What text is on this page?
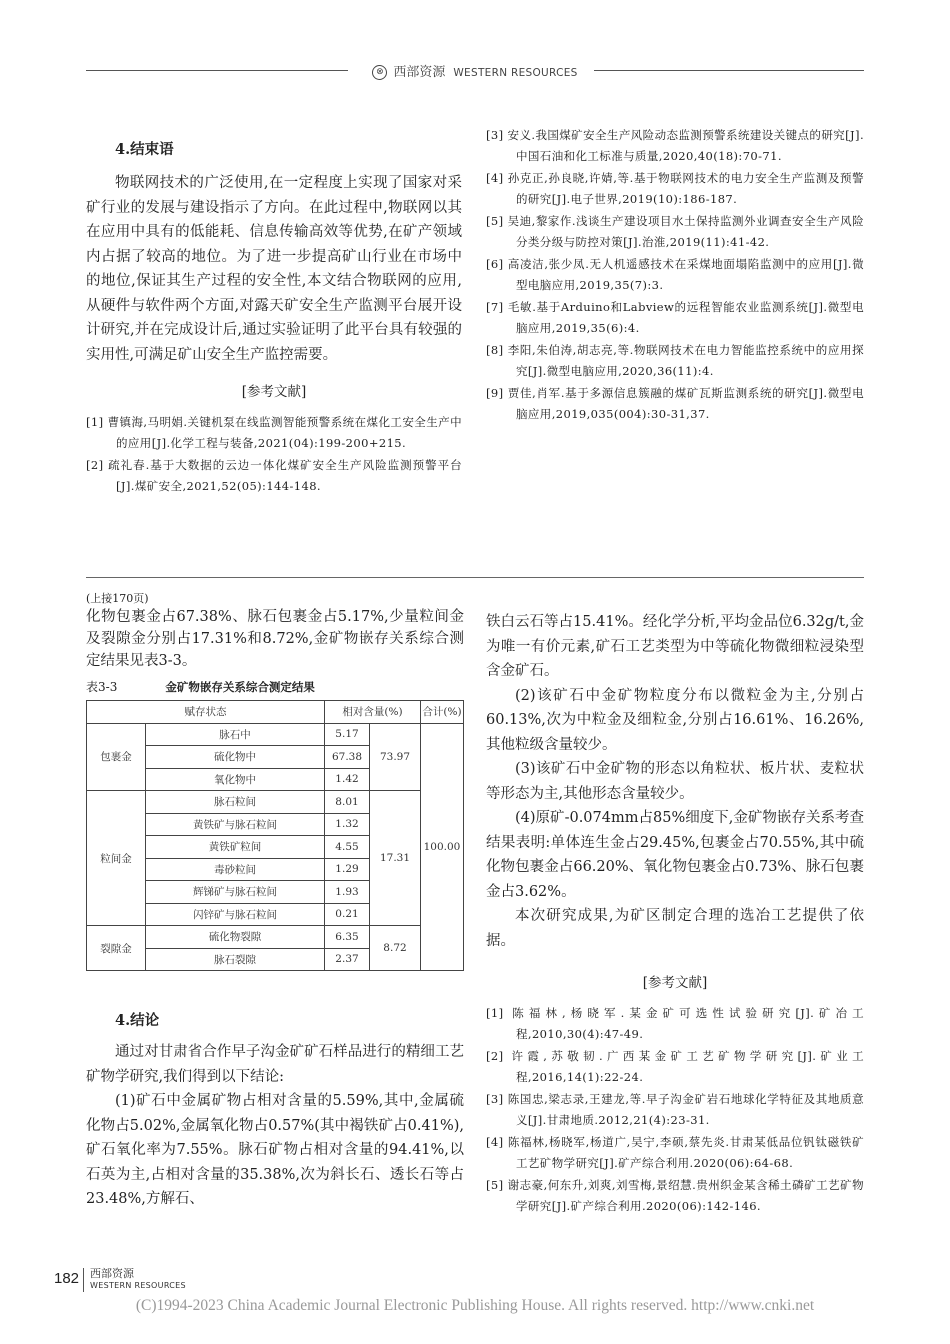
⊗ 西部资源 WESTERN RESOURCES

4.结束语

物联网技术的广泛使用,在一定程度上实现了国家对采矿行业的发展与建设指示了方向。在此过程中,物联网以其在应用中具有的低能耗、信息传输高效等优势,在矿产领域内占据了较高的地位。为了进一步提高矿山行业在市场中的地位,保证其生产过程的安全性,本文结合物联网的应用,从硬件与软件两个方面,对露天矿安全生产监测平台展开设计研究,并在完成设计后,通过实验证明了此平台具有较强的实用性,可满足矿山安全生产监控需要。

[参考文献]

[1] 曹镇海,马明娟.关键机泵在线监测智能预警系统在煤化工安全生产中的应用[J].化学工程与装备,2021(04):199-200+215.

[2] 疏礼春.基于大数据的云边一体化煤矿安全生产风险监测预警平台[J].煤矿安全,2021,52(05):144-148.

[3] 安义.我国煤矿安全生产风险动态监测预警系统建设关键点的研究[J].中国石油和化工标准与质量,2020,40(18):70-71.

[4] 孙克正,孙良晓,许婧,等.基于物联网技术的电力安全生产监测及预警的研究[J].电子世界,2019(10):186-187.

[5] 吴迪,黎家作.浅谈生产建设项目水土保持监测外业调查安全生产风险分类分级与防控对策[J].治淮,2019(11):41-42.

[6] 高凌洁,张少凤.无人机遥感技术在采煤地面塌陷监测中的应用[J].微型电脑应用,2019,35(7):3.

[7] 毛敏.基于Arduino和Labview的远程智能农业监测系统[J].微型电脑应用,2019,35(6):4.

[8] 李阳,朱伯涛,胡志亮,等.物联网技术在电力智能监控系统中的应用探究[J].微型电脑应用,2020,36(11):4.

[9] 贾佳,肖军.基于多源信息簇融的煤矿瓦斯监测系统的研究[J].微型电脑应用,2019,035(004):30-31,37.

(上接170页)

化物包裹金占67.38%、脉石包裹金占5.17%,少量粒间金及裂隙金分别占17.31%和8.72%,金矿物嵌存关系综合测定结果见表3-3。

表3-3	金矿物嵌存关系综合测定结果
赋存状态		相对含量(%)		合计(%)
包裹金	脉石中	5.17	73.97	100.00
	硫化物中	67.38		
	氧化物中	1.42		
粒间金	脉石粒间	8.01	17.31	
	黄铁矿与脉石粒间	1.32		
	黄铁矿粒间	4.55		
	毒砂粒间	1.29		
	辉锑矿与脉石粒间	1.93		
	闪锌矿与脉石粒间	0.21		
裂隙金	硫化物裂隙	6.35	8.72	
	脉石裂隙	2.37		

4.结论

通过对甘肃省合作早子沟金矿矿石样品进行的精细工艺矿物学研究,我们得到以下结论:

(1)矿石中金属矿物占相对含量的5.59%,其中,金属硫化物占5.02%,金属氧化物占0.57%(其中褐铁矿占0.41%),矿石氧化率为7.55%。脉石矿物占相对含量的94.41%,以石英为主,占相对含量的35.38%,次为斜长石、透长石等占23.48%,方解石、

铁白云石等占15.41%。经化学分析,平均金品位6.32g/t,金为唯一有价元素,矿石工艺类型为中等硫化物微细粒浸染型含金矿石。

(2)该矿石中金矿物粒度分布以微粒金为主,分别占60.13%,次为中粒金及细粒金,分别占16.61%、16.26%,其他粒级含量较少。

(3)该矿石中金矿物的形态以角粒状、板片状、麦粒状等形态为主,其他形态含量较少。

(4)原矿-0.074mm占85%细度下,金矿物嵌存关系考查结果表明:单体连生金占29.45%,包裹金占70.55%,其中硫化物包裹金占66.20%、氧化物包裹金占0.73%、脉石包裹金占3.62%。

本次研究成果,为矿区制定合理的选冶工艺提供了依据。

[参考文献]

[1] 陈福林,杨晓军.某金矿可选性试验研究[J].矿冶工程,2010,30(4):47-49.

[2] 许霞,苏敬韧.广西某金矿工艺矿物学研究[J].矿业工程,2016,14(1):22-24.

[3] 陈国忠,梁志录,王建龙,等.早子沟金矿岩石地球化学特征及其地质意义[J].甘肃地质.2012,21(4):23-31.

[4] 陈福林,杨晓军,杨道广,吴宁,李硕,蔡先炎.甘肃某低品位钒钛磁铁矿工艺矿物学研究[J].矿产综合利用.2020(06):64-68.

[5] 谢志豪,何东升,刘爽,刘雪梅,景绍慧.贵州织金某含稀土磷矿工艺矿物学研究[J].矿产综合利用.2020(06):142-146.

182 西部资源
WESTERN RESOURCES
(C)1994-2023 China Academic Journal Electronic Publishing House. All rights reserved. http://www.cnki.net
